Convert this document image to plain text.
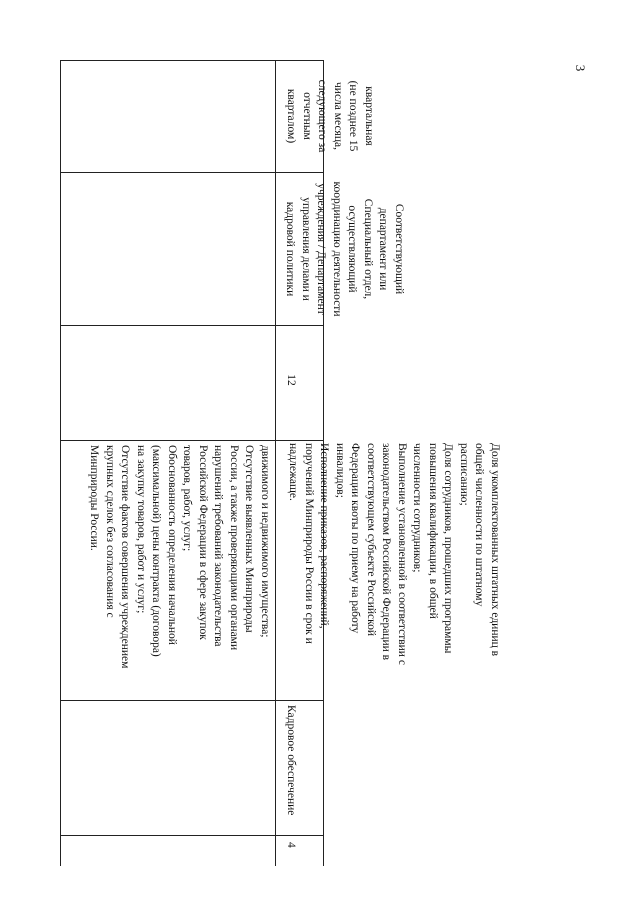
3
движимого и недвижимого имущества;
Отсутствие выявленных Минприроды
России, а также проверяющими органами
нарушений требований законодательства
Российской Федерации в сфере закупок
товаров, работ, услуг;
Обоснованность определения начальной
(максимальной) цены контракта (договора)
на закупку товаров, работ и услуг;
Отсутствие фактов совершения учреждением
крупных сделок без согласования с
Минприроды России.
4
Кадровое обеспечение
Доля укомплектованных штатных единиц в
общей численности по штатному
расписанию;
Доля сотрудников, прошедших программы
повышения квалификации, в общей
численности сотрудников;
Выполнение установленной в соответствии с
законодательством Российской Федерации в
соответствующем субъекте Российской
Федерации квоты по приему на работу
инвалидов;
Исполнение приказов, распоряжений,
поручений Минприроды России в срок и
надлежаще.
12
Соответствующий
департамент или
Специальный отдел,
осуществляющий
координацию деятельности
учреждения / Департамент
управления делами и
кадровой политики
квартальная
(не позднее 15
числа месяца,
следующего за
отчетным
кварталом)
